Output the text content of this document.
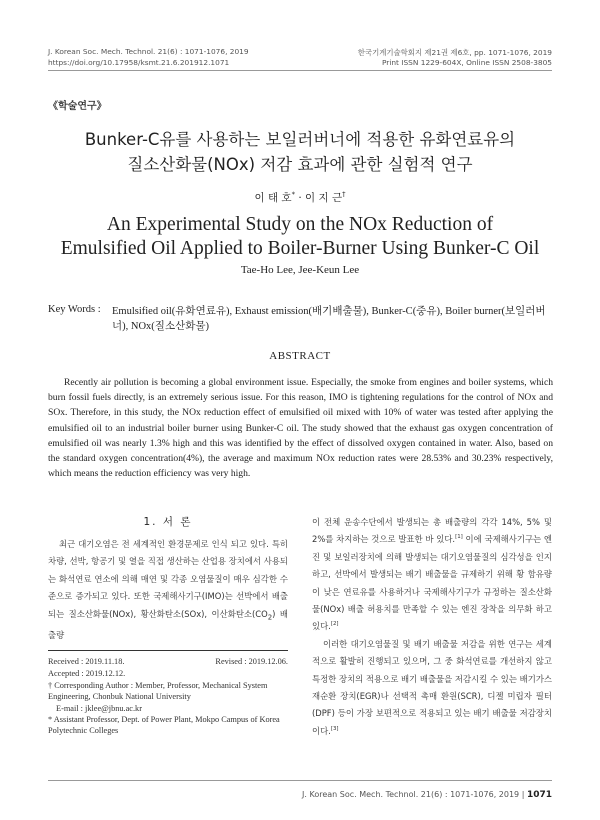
J. Korean Soc. Mech. Technol. 21(6) : 1071-1076, 2019
https://doi.org/10.17958/ksmt.21.6.201912.1071
한국기계기술학회지 제21권 제6호, pp. 1071-1076, 2019
Print ISSN 1229-604X, Online ISSN 2508-3805
《학술연구》
Bunker-C유를 사용하는 보일러버너에 적용한 유화연료유의
질소산화물(NOx) 저감 효과에 관한 실험적 연구
이 태 호* · 이 지 근†
An Experimental Study on the NOx Reduction of
Emulsified Oil Applied to Boiler-Burner Using Bunker-C Oil
Tae-Ho Lee, Jee-Keun Lee
Key Words : Emulsified oil(유화연료유), Exhaust emission(배기배출물), Bunker-C(중유), Boiler burner(보일러버너), NOx(질소산화물)
ABSTRACT
Recently air pollution is becoming a global environment issue. Especially, the smoke from engines and boiler systems, which burn fossil fuels directly, is an extremely serious issue. For this reason, IMO is tightening regulations for the control of NOx and SOx. Therefore, in this study, the NOx reduction effect of emulsified oil mixed with 10% of water was tested after applying the emulsified oil to an industrial boiler burner using Bunker-C oil. The study showed that the exhaust gas oxygen concentration of emulsified oil was nearly 1.3% high and this was identified by the effect of dissolved oxygen contained in water. Also, based on the standard oxygen concentration(4%), the average and maximum NOx reduction rates were 28.53% and 30.23% respectively, which means the reduction efficiency was very high.
1. 서 론

최근 대기오염은 전 세계적인 환경문제로 인식 되고 있다. 특히 차량, 선박, 항공기 및 열을 직접 생산하는 산업용 장치에서 사용되는 화석연료 연소에 의해 매연 및 각종 오염물질이 매우 심각한 수준으로 증가되고 있다. 또한 국제해사기구(IMO)는 선박에서 배출되는 질소산화물(NOx), 황산화탄소(SOx), 이산화탄소$(CO_2)$ 배출량

Received : 2019.11.18.	Revised : 2019.12.06.
Accepted : 2019.12.12.
† Corresponding Author : Member, Professor, Mechanical System Engineering, Chonbuk National University
E-mail : jklee@jbnu.ac.kr
* Assistant Professor, Dept. of Power Plant, Mokpo Campus of Korea Polytechnic Colleges

이 전체 운송수단에서 발생되는 총 배출량의 각각 14%, 5% 및 2%를 차지하는 것으로 발표한 바 있다.[1] 이에 국제해사기구는 엔진 및 보일러장치에 의해 발생되는 대기오염물질의 심각성을 인지하고, 선박에서 발생되는 배기 배출물을 규제하기 위해 황 함유량이 낮은 연료유를 사용하거나 국제해사기구가 규정하는 질소산화물(NOx) 배출 허용치를 만족할 수 있는 엔진 장착을 의무화 하고 있다.[2]

이러한 대기오염물질 및 배기 배출물 저감을 위한 연구는 세계적으로 활발히 진행되고 있으며, 그 중 화석연료를 개선하지 않고 특정한 장치의 적용으로 배기 배출물을 저감시킬 수 있는 배기가스 재순환 장치(EGR)나 선택적 촉매 환원(SCR), 디젤 미립자 필터(DPF) 등이 가장 보편적으로 적용되고 있는 배기 배출물 저감장치이다.[3]

J. Korean Soc. Mech. Technol. 21(6) : 1071-1076, 2019 | 1071
